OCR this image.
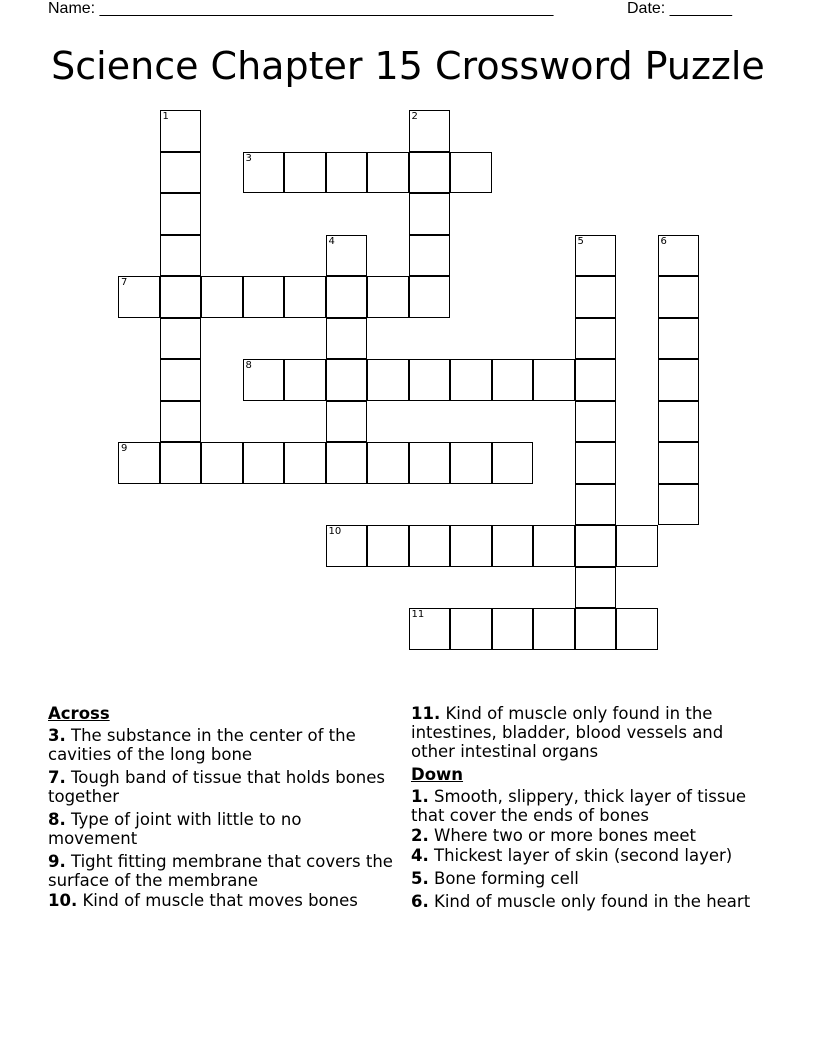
Name: ___________________________________________________	Date: _______
Science Chapter 15 Crossword Puzzle
1	2
3
4	5	6
7
8
9
10
11
Across
3. The substance in the center of the cavities of the long bone
7. Tough band of tissue that holds bones together
8. Type of joint with little to no movement
9. Tight fitting membrane that covers the surface of the membrane
10. Kind of muscle that moves bones
11. Kind of muscle only found in the intestines, bladder, blood vessels and other intestinal organs
Down
1. Smooth, slippery, thick layer of tissue that cover the ends of bones
2. Where two or more bones meet
4. Thickest layer of skin (second layer)
5. Bone forming cell
6. Kind of muscle only found in the heart
